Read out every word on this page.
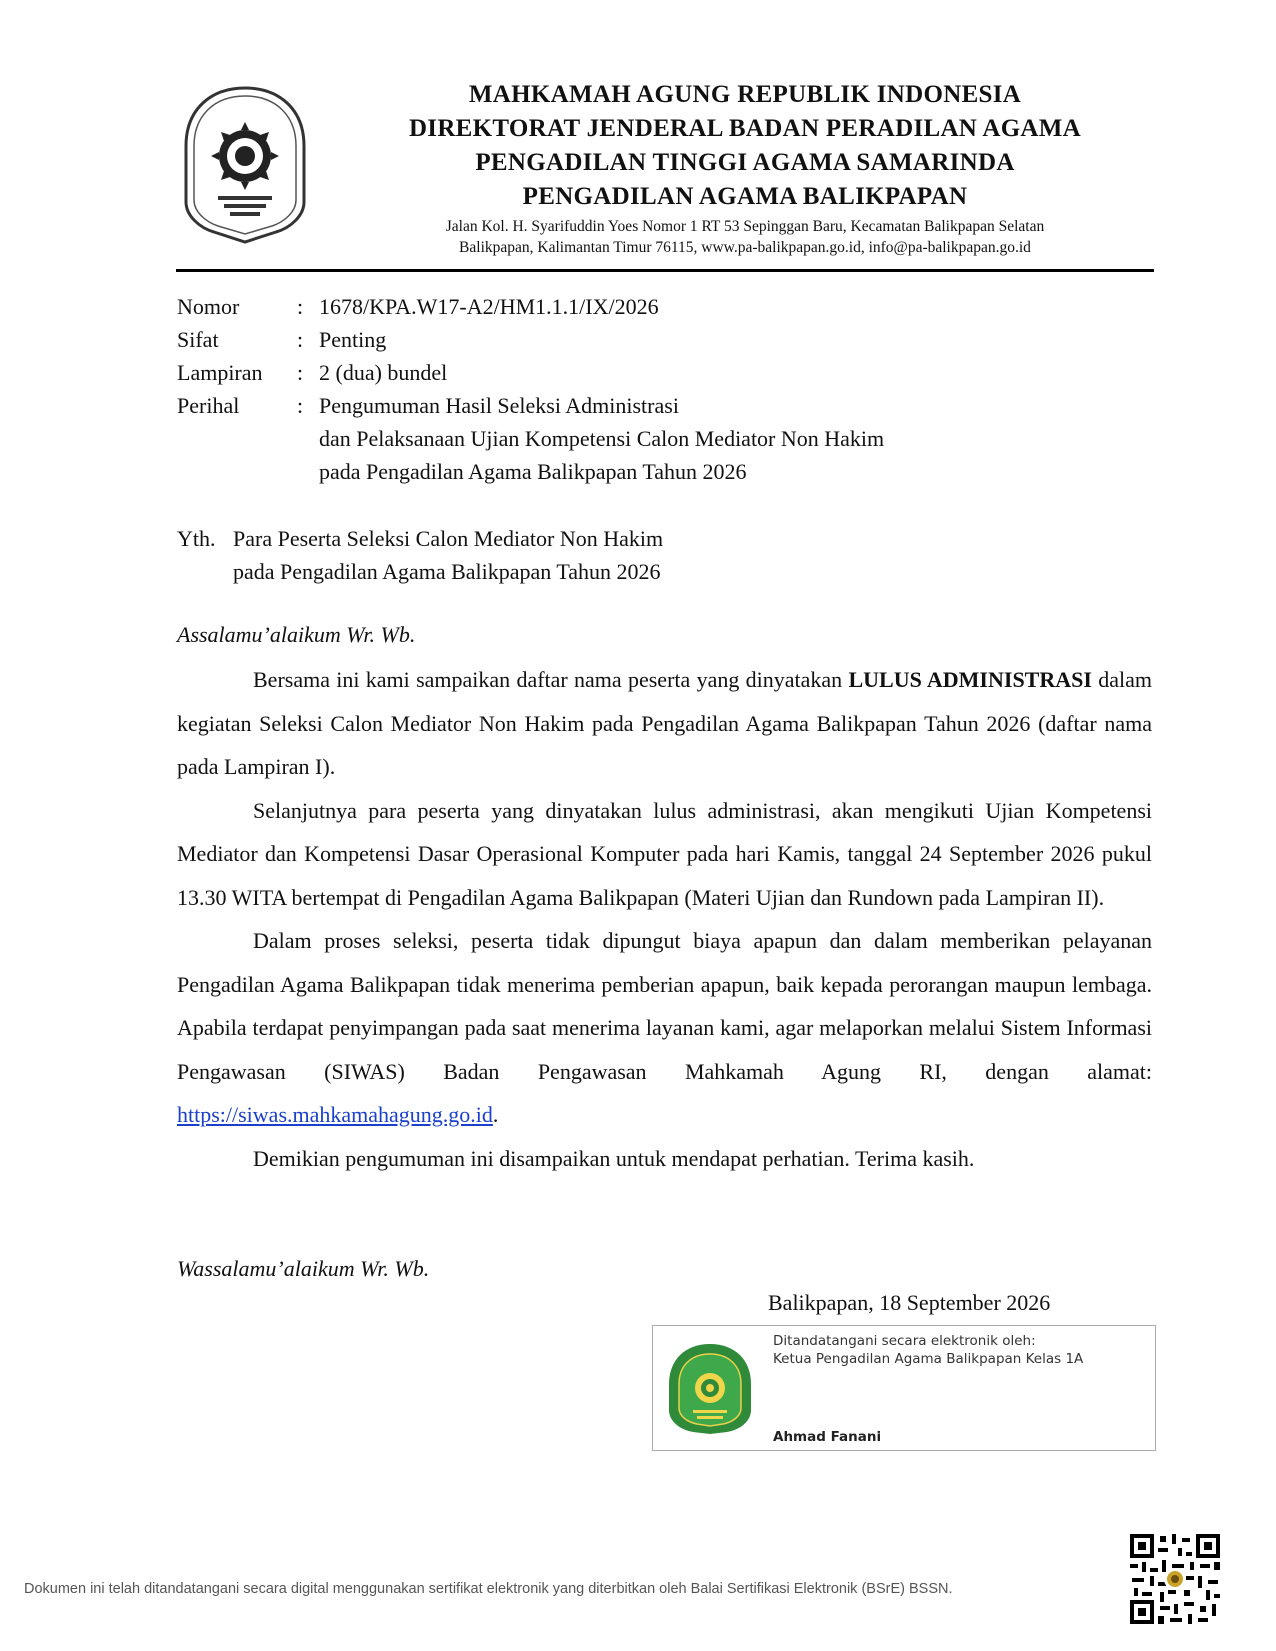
MAHKAMAH AGUNG REPUBLIK INDONESIA
DIREKTORAT JENDERAL BADAN PERADILAN AGAMA
PENGADILAN TINGGI AGAMA SAMARINDA
PENGADILAN AGAMA BALIKPAPAN
Jalan Kol. H. Syarifuddin Yoes Nomor 1 RT 53 Sepinggan Baru, Kecamatan Balikpapan Selatan
Balikpapan, Kalimantan Timur 76115, www.pa-balikpapan.go.id, info@pa-balikpapan.go.id
Nomor	: 1678/KPA.W17-A2/HM1.1.1/IX/2026
Sifat	: Penting
Lampiran	: 2 (dua) bundel
Perihal	: Pengumuman Hasil Seleksi Administrasi
dan Pelaksanaan Ujian Kompetensi Calon Mediator Non Hakim
pada Pengadilan Agama Balikpapan Tahun 2026
Yth. Para Peserta Seleksi Calon Mediator Non Hakim
pada Pengadilan Agama Balikpapan Tahun 2026
Assalamu’alaikum Wr. Wb.

Bersama ini kami sampaikan daftar nama peserta yang dinyatakan LULUS ADMINISTRASI dalam kegiatan Seleksi Calon Mediator Non Hakim pada Pengadilan Agama Balikpapan Tahun 2026 (daftar nama pada Lampiran I).

Selanjutnya para peserta yang dinyatakan lulus administrasi, akan mengikuti Ujian Kompetensi Mediator dan Kompetensi Dasar Operasional Komputer pada hari Kamis, tanggal 24 September 2026 pukul 13.30 WITA bertempat di Pengadilan Agama Balikpapan (Materi Ujian dan Rundown pada Lampiran II).

Dalam proses seleksi, peserta tidak dipungut biaya apapun dan dalam memberikan pelayanan Pengadilan Agama Balikpapan tidak menerima pemberian apapun, baik kepada perorangan maupun lembaga. Apabila terdapat penyimpangan pada saat menerima layanan kami, agar melaporkan melalui Sistem Informasi Pengawasan (SIWAS) Badan Pengawasan Mahkamah Agung RI, dengan alamat: https://siwas.mahkamahagung.go.id.

Demikian pengumuman ini disampaikan untuk mendapat perhatian. Terima kasih.

Wassalamu’alaikum Wr. Wb.
Balikpapan, 18 September 2026
Ditandatangani secara elektronik oleh:
Ketua Pengadilan Agama Balikpapan Kelas 1A
Ahmad Fanani
Dokumen ini telah ditandatangani secara digital menggunakan sertifikat elektronik yang diterbitkan oleh Balai Sertifikasi Elektronik (BSrE) BSSN.
